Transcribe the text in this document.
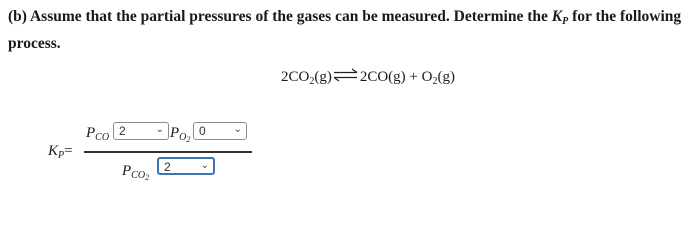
(b) Assume that the partial pressures of the gases can be measured. Determine the $K_P$ for the following process.
$2CO_2(g)\rightleftharpoons 2CO(g) + O_2(g)$
$K_P=$
$P_{CO}$ 2	⌄ $P_{O_2}$
0	⌄
$P_{CO_2}$
2	⌄
